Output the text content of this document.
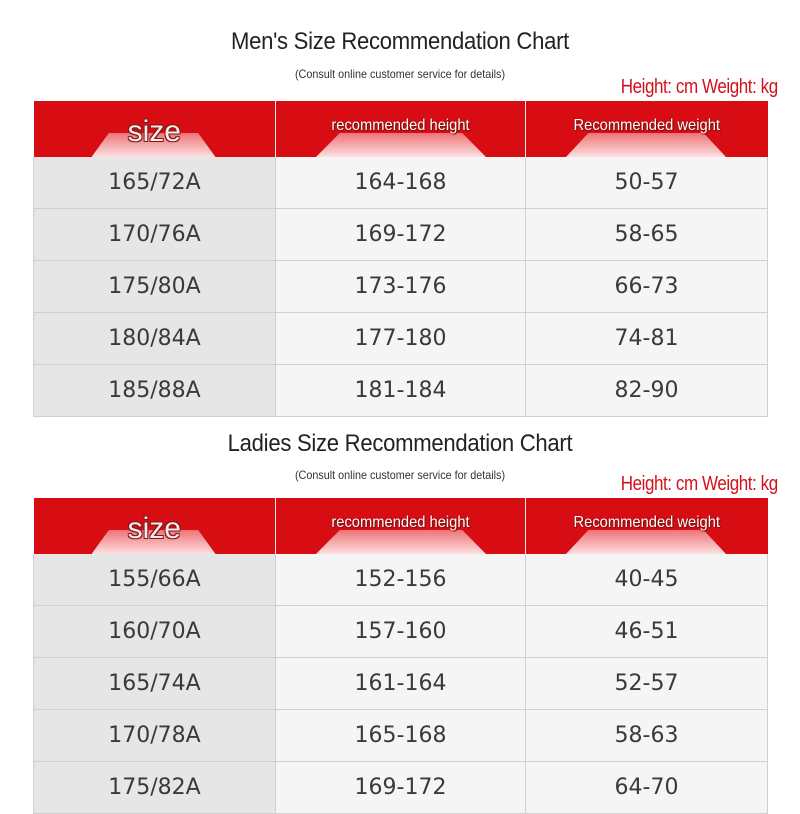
Men's Size Recommendation Chart
(Consult online customer service for details)
Height: cm Weight: kg
size	recommended height	Recommended weight

165/72A	164-168	50-57
170/76A	169-172	58-65
175/80A	173-176	66-73
180/84A	177-180	74-81
185/88A	181-184	82-90
Ladies Size Recommendation Chart
(Consult online customer service for details)	Height: cm Weight: kg
size	recommended height	Recommended weight

155/66A	152-156	40-45
160/70A	157-160	46-51
165/74A	161-164	52-57
170/78A	165-168	58-63
175/82A	169-172	64-70
